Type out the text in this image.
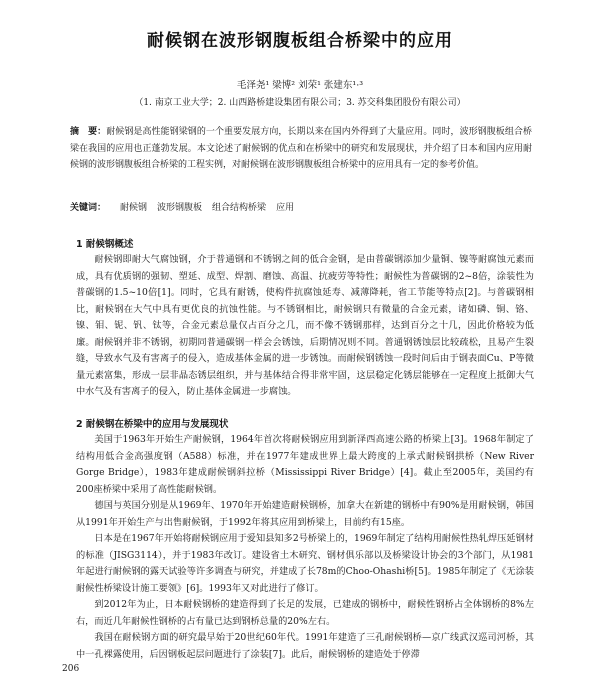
耐候钢在波形钢腹板组合桥梁中的应用
毛泽尧¹ 梁博² 刘荣¹ 张建东¹·³
（1. 南京工业大学；2. 山西路桥建设集团有限公司；3. 苏交科集团股份有限公司）
摘　要：耐候钢是高性能钢梁钢的一个重要发展方向，长期以来在国内外得到了大量应用。同时，波形钢腹板组合桥梁在我国的应用也正蓬勃发展。本文论述了耐候钢的优点和在桥梁中的研究和发展现状，并介绍了日本和国内应用耐候钢的波形钢腹板组合桥梁的工程实例，对耐候钢在波形钢腹板组合桥梁中的应用具有一定的参考价值。
关键词： 耐候钢 波形钢腹板 组合结构桥梁 应用
1 耐候钢概述
耐候钢即耐大气腐蚀钢，介于普通钢和不锈钢之间的低合金钢，是由普碳钢添加少量铜、镍等耐腐蚀元素而成，具有优质钢的强韧、塑延、成型、焊割、磨蚀、高温、抗疲劳等特性；耐候性为普碳钢的2~8倍，涂装性为普碳钢的1.5~10倍[1]。同时，它具有耐锈，使构件抗腐蚀延寿、减薄降耗，省工节能等特点[2]。与普碳钢相比，耐候钢在大气中具有更优良的抗蚀性能。与不锈钢相比，耐候钢只有微量的合金元素，诸如磷、铜、铬、镍、钼、铌、钒、钛等，合金元素总量仅占百分之几，而不像不锈钢那样，达到百分之十几，因此价格较为低廉。耐候钢并非不锈钢，初期同普通碳钢一样会会锈蚀，后期情况则不同。普通钢锈蚀层比较疏松，且易产生裂缝，导致水气及有害离子的侵入，造成基体金属的进一步锈蚀。而耐候钢锈蚀一段时间后由于钢表面Cu、P等微量元素富集，形成一层非晶态锈层组织，并与基体结合得非常牢固，这层稳定化锈层能够在一定程度上抵御大气中水气及有害离子的侵入，防止基体金属进一步腐蚀。
2 耐候钢在桥梁中的应用与发展现状
美国于1963年开始生产耐候钢，1964年首次将耐候钢应用到新泽西高速公路的桥梁上[3]。1968年制定了结构用低合金高强度钢（A588）标准，并在1977年建成世界上最大跨度的上承式耐候钢拱桥（New River Gorge Bridge），1983年建成耐候钢斜拉桥（Mississippi River Bridge）[4]。截止至2005年，美国约有200座桥梁中采用了高性能耐候钢。
德国与英国分别是从1969年、1970年开始建造耐候钢桥，加拿大在新建的钢桥中有90%是用耐候钢，韩国从1991年开始生产与出售耐候钢，于1992年将其应用到桥梁上，目前约有15座。
日本是在1967年开始将耐候钢应用于爱知县知多2号桥梁上的，1969年制定了结构用耐候性热轧焊压延钢材的标准（JISG3114），并于1983年改订。建设省土木研究、钢材俱乐部以及桥梁设计协会的3个部门，从1981年起进行耐候钢的露天试验等许多调查与研究，并建成了长78m的Choo-Ohashi桥[5]。1985年制定了《无涂装耐候性桥梁设计施工要领》[6]。1993年又对此进行了修订。
到2012年为止，日本耐候钢桥的建造得到了长足的发展，已建成的钢桥中，耐候性钢桥占全体钢桥的8%左右，而近几年耐候性钢桥的占有量已达到钢桥总量的20%左右。
我国在耐候钢方面的研究最早始于20世纪60年代。1991年建造了三孔耐候钢桥—京广线武汉巡司河桥，其中一孔裸露使用，后因钢板起层问题进行了涂装[7]。此后，耐候钢桥的建造处于停滞
206
